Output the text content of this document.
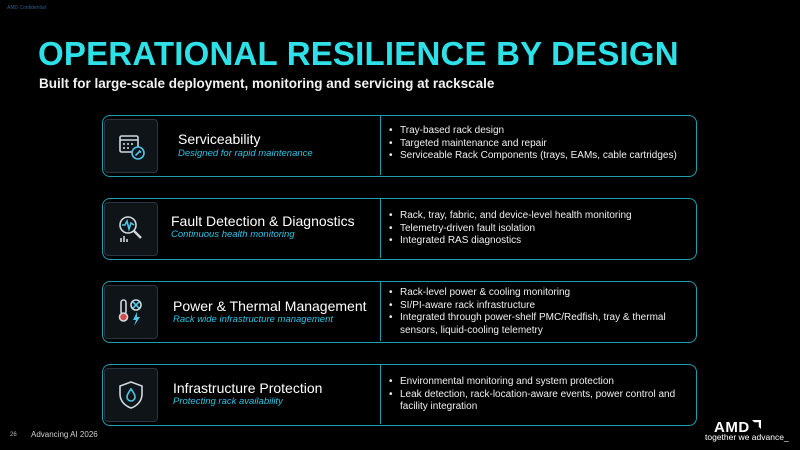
AMD Confidential
OPERATIONAL RESILIENCE BY DESIGN
Built for large-scale deployment, monitoring and servicing at rackscale
Serviceability
Designed for rapid maintenance
• Tray-based rack design
• Targeted maintenance and repair
• Serviceable Rack Components (trays, EAMs, cable cartridges)
Fault Detection & Diagnostics
Continuous health monitoring
• Rack, tray, fabric, and device-level health monitoring
• Telemetry-driven fault isolation
• Integrated RAS diagnostics
Power & Thermal Management
Rack wide infrastructure management
• Rack-level power & cooling monitoring
• SI/PI-aware rack infrastructure
• Integrated through power-shelf PMC/Redfish, tray & thermal sensors, liquid-cooling telemetry
Infrastructure Protection
Protecting rack availability
• Environmental monitoring and system protection
• Leak detection, rack-location-aware events, power control and facility integration
26 Advancing AI 2026	AMD
together we advance_
